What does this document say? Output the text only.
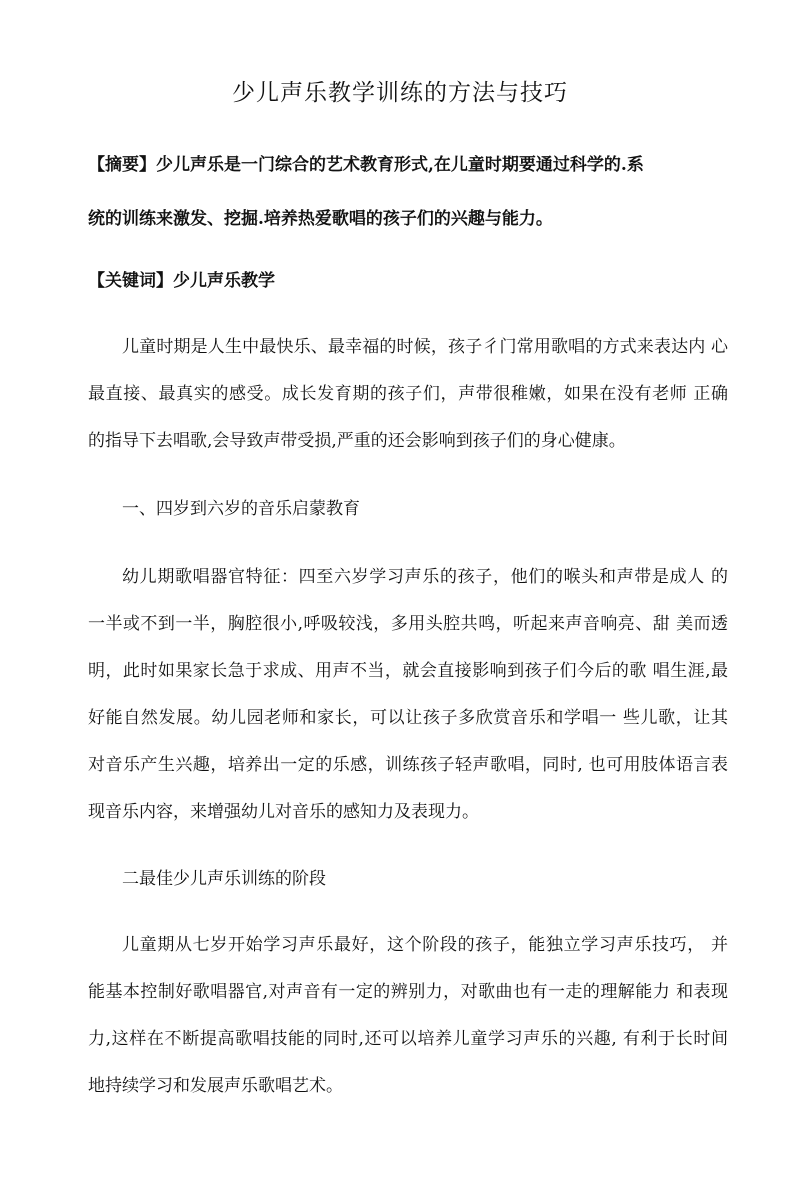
少儿声乐教学训练的方法与技巧
【摘要】少儿声乐是一门综合的艺术教育形式,在儿童时期要通过科学的.系
统的训练来激发、挖掘.培养热爱歌唱的孩子们的兴趣与能力。
【关键词】少儿声乐教学
儿童时期是人生中最快乐、最幸福的时候，孩子彳门常用歌唱的方式来表达内 心
最直接、最真实的感受。成长发育期的孩子们，声带很稚嫩，如果在没有老师 正确
的指导下去唱歌,会导致声带受损,严重的还会影响到孩子们的身心健康。
一、四岁到六岁的音乐启蒙教育
幼儿期歌唱器官特征：四至六岁学习声乐的孩子，他们的喉头和声带是成人 的
一半或不到一半，胸腔很小,呼吸较浅，多用头腔共鸣，听起来声音响亮、甜 美而透
明，此时如果家长急于求成、用声不当，就会直接影响到孩子们今后的歌 唱生涯,最
好能自然发展。幼儿园老师和家长，可以让孩子多欣赏音乐和学唱一 些儿歌，让其
对音乐产生兴趣，培养出一定的乐感，训练孩子轻声歌唱，同时, 也可用肢体语言表
现音乐内容，来增强幼儿对音乐的感知力及表现力。
二最佳少儿声乐训练的阶段
儿童期从七岁开始学习声乐最好，这个阶段的孩子，能独立学习声乐技巧， 并
能基本控制好歌唱器官,对声音有一定的辨别力，对歌曲也有一走的理解能力 和表现
力,这样在不断提高歌唱技能的同时,还可以培养儿童学习声乐的兴趣, 有利于长时间
地持续学习和发展声乐歌唱艺术。
